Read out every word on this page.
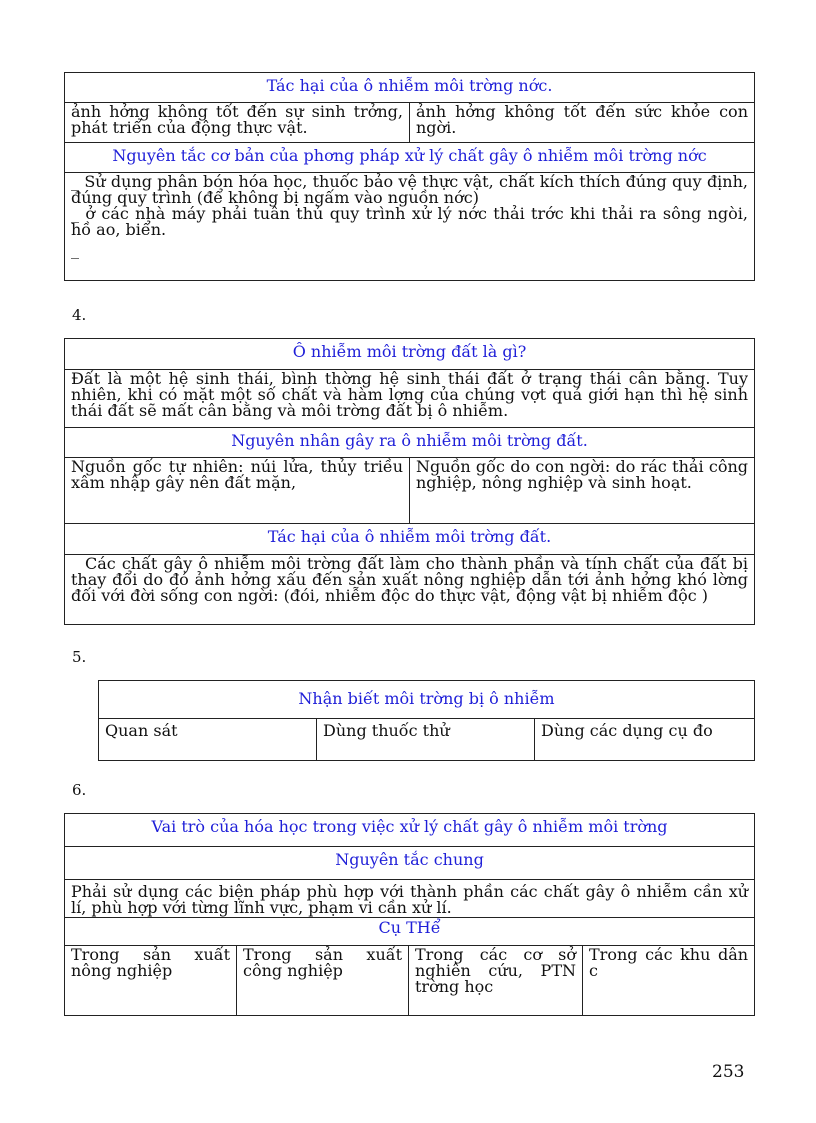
Tác hại của ô nhiễm môi trờng nớc.
ảnh hởng không tốt đến sự sinh trởng, phát triển của động thực vật.	ảnh hởng không tốt đến sức khỏe con ngời.
Nguyên tắc cơ bản của phơng pháp xử lý chất gây ô nhiễm môi trờng nớc

_ Sử dụng phân bón hóa học, thuốc bảo vệ thực vật, chất kích thích đúng quy định, đúng quy trình (để không bị ngấm vào nguồn nớc)
_ ở các nhà máy phải tuân thủ quy trình xử lý nớc thải trớc khi thải ra sông ngòi, hồ ao, biển.
_
4.
Ô nhiễm môi trờng đất là gì?
Đất là một hệ sinh thái, bình thờng hệ sinh thái đất ở trạng thái cân bằng. Tuy nhiên, khi có mặt một số chất và hàm lợng của chúng vợt quá giới hạn thì hệ sinh thái đất sẽ mất cân bằng và môi trờng đất bị ô nhiễm.
Nguyên nhân gây ra ô nhiễm môi trờng đất.
Nguồn gốc tự nhiên: núi lửa, thủy triều xâm nhập gây nên đất mặn,	Nguồn gốc do con ngời: do rác thải công nghiệp, nông nghiệp và sinh hoạt.
Tác hại của ô nhiễm môi trờng đất.
Các chất gây ô nhiễm môi trờng đất làm cho thành phần và tính chất của đất bị thay đổi do đó ảnh hởng xấu đến sản xuất nông nghiệp dẫn tới ảnh hởng khó lờng đối với đời sống con ngời: (đói, nhiễm độc do thực vật, động vật bị nhiễm độc )
5.
Nhận biết môi trờng bị ô nhiễm
Quan sát	Dùng thuốc thử	Dùng các dụng cụ đo
6.
Vai trò của hóa học trong việc xử lý chất gây ô nhiễm môi trờng
Nguyên tắc chung
Phải sử dụng các biện pháp phù hợp với thành phần các chất gây ô nhiễm cần xử lí, phù hợp với từng lĩnh vực, phạm vi cần xử lí.
Cụ THể
Trong sản xuất nông nghiệp	Trong sản xuất công nghiệp	Trong các cơ sở nghiên cứu, PTN trờng học	Trong các khu dân c
253
